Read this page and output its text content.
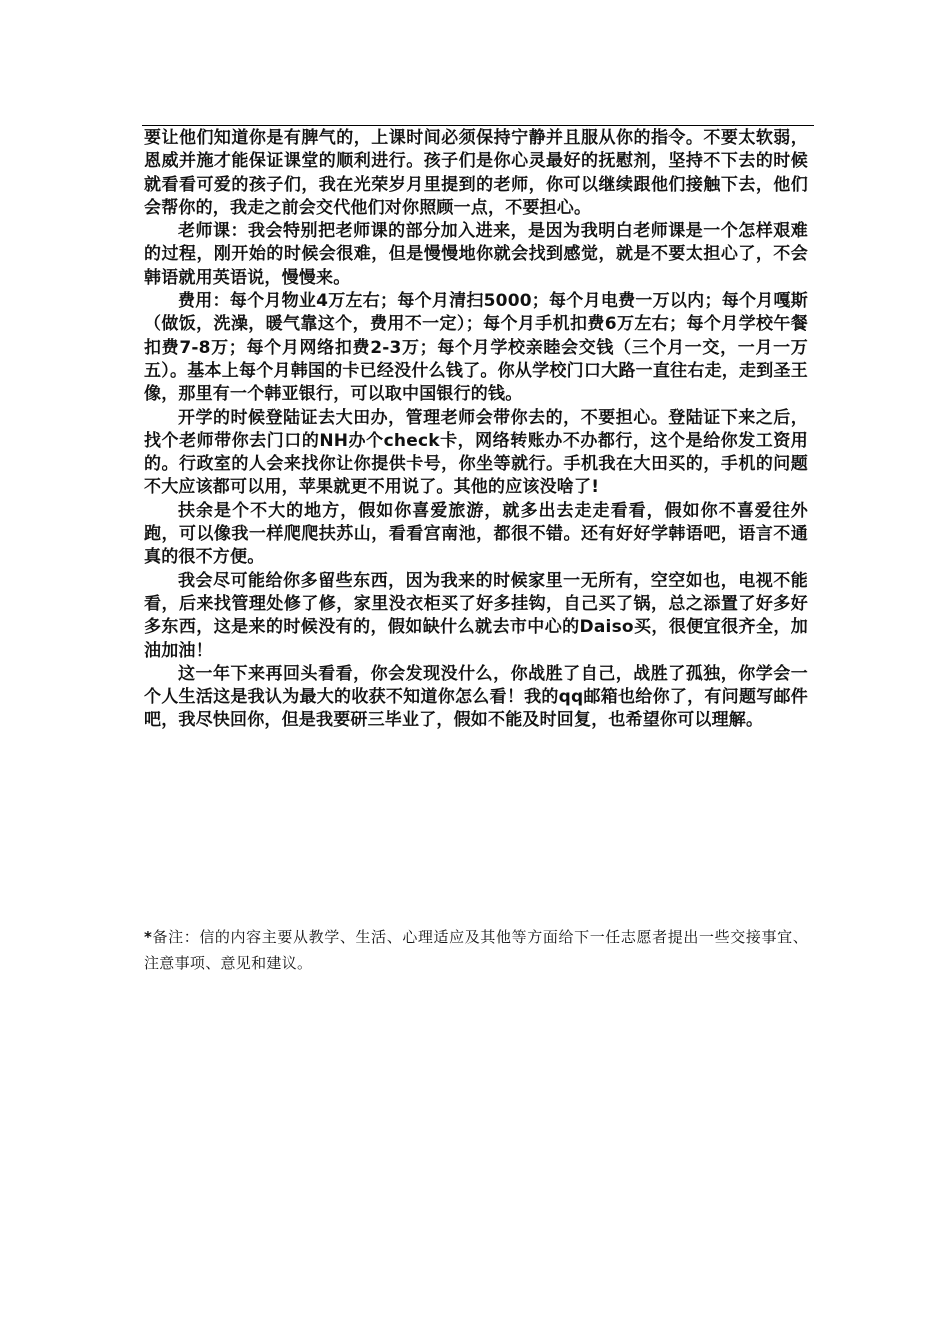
要让他们知道你是有脾气的，上课时间必须保持宁静并且服从你的指令。不要太软弱，恩威并施才能保证课堂的顺利进行。孩子们是你心灵最好的抚慰剂，坚持不下去的时候就看看可爱的孩子们，我在光荣岁月里提到的老师，你可以继续跟他们接触下去，他们会帮你的，我走之前会交代他们对你照顾一点，不要担心。

老师课：我会特别把老师课的部分加入进来，是因为我明白老师课是一个怎样艰难的过程，刚开始的时候会很难，但是慢慢地你就会找到感觉，就是不要太担心了，不会韩语就用英语说，慢慢来。

费用：每个月物业4万左右；每个月清扫5000；每个月电费一万以内；每个月嘎斯（做饭，洗澡，暖气靠这个，费用不一定）；每个月手机扣费6万左右；每个月学校午餐扣费7-8万；每个月网络扣费2-3万；每个月学校亲睦会交钱（三个月一交，一月一万五）。基本上每个月韩国的卡已经没什么钱了。你从学校门口大路一直往右走，走到圣王像，那里有一个韩亚银行，可以取中国银行的钱。

开学的时候登陆证去大田办，管理老师会带你去的，不要担心。登陆证下来之后，找个老师带你去门口的NH办个check卡，网络转账办不办都行，这个是给你发工资用的。行政室的人会来找你让你提供卡号，你坐等就行。手机我在大田买的，手机的问题不大应该都可以用，苹果就更不用说了。其他的应该没啥了!

扶余是个不大的地方，假如你喜爱旅游，就多出去走走看看，假如你不喜爱往外跑，可以像我一样爬爬扶苏山，看看宫南池，都很不错。还有好好学韩语吧，语言不通真的很不方便。

我会尽可能给你多留些东西，因为我来的时候家里一无所有，空空如也，电视不能看，后来找管理处修了修，家里没衣柜买了好多挂钩，自己买了锅，总之添置了好多好多东西，这是来的时候没有的，假如缺什么就去市中心的Daiso买，很便宜很齐全，加油加油！

这一年下来再回头看看，你会发现没什么，你战胜了自己，战胜了孤独，你学会一个人生活这是我认为最大的收获不知道你怎么看！我的qq邮箱也给你了，有问题写邮件吧，我尽快回你，但是我要研三毕业了，假如不能及时回复，也希望你可以理解。

*备注：信的内容主要从教学、生活、心理适应及其他等方面给下一任志愿者提出一些交接事宜、注意事项、意见和建议。
